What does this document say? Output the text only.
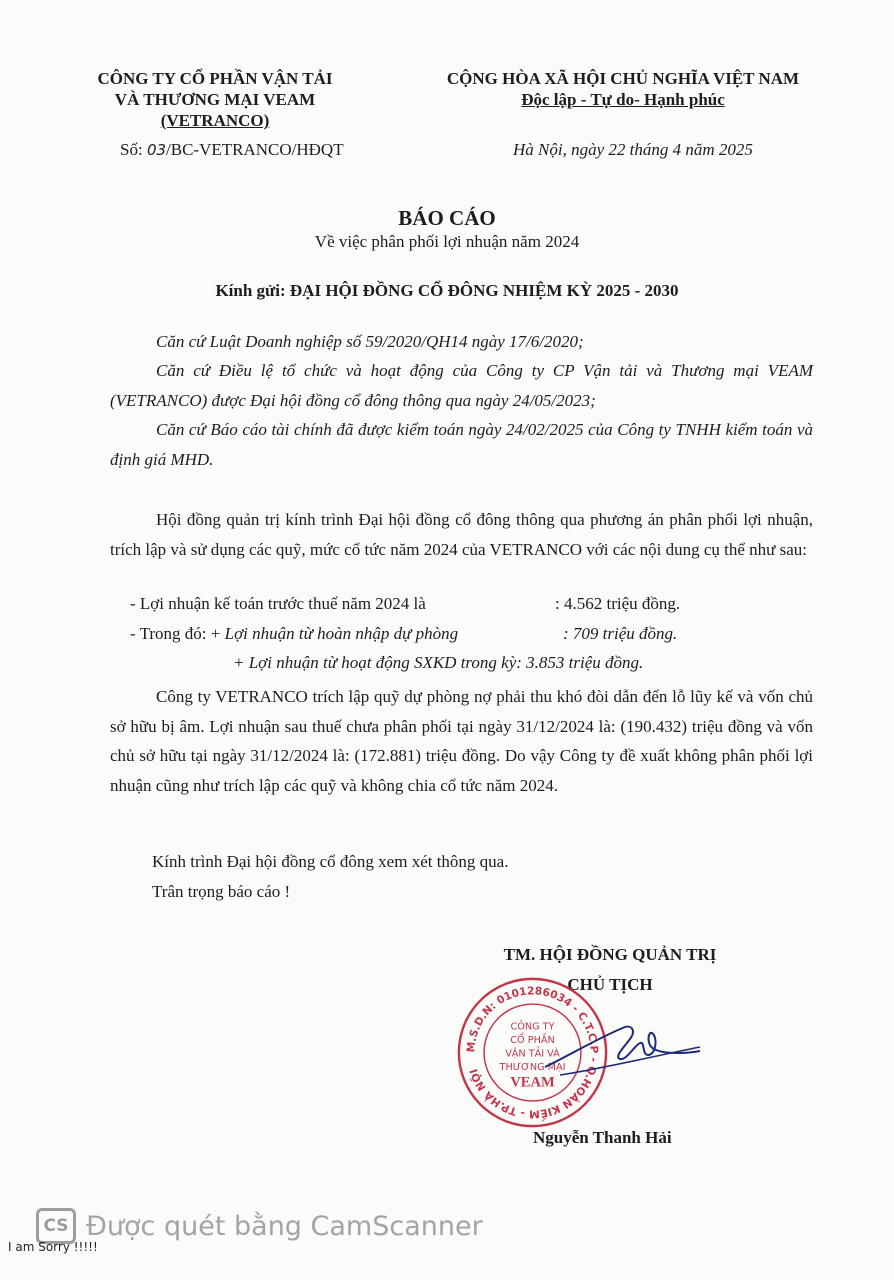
CÔNG TY CỔ PHẦN VẬN TẢI
VÀ THƯƠNG MẠI VEAM
(VETRANCO)
CỘNG HÒA XÃ HỘI CHỦ NGHĨA VIỆT NAM
Độc lập - Tự do- Hạnh phúc
Số: 03/BC-VETRANCO/HĐQT	Hà Nội, ngày 22 tháng 4 năm 2025
BÁO CÁO
Về việc phân phối lợi nhuận năm 2024
Kính gửi: ĐẠI HỘI ĐỒNG CỔ ĐÔNG NHIỆM KỲ 2025 - 2030
Căn cứ Luật Doanh nghiệp số 59/2020/QH14 ngày 17/6/2020;
Căn cứ Điều lệ tổ chức và hoạt động của Công ty CP Vận tải và Thương mại VEAM (VETRANCO) được Đại hội đồng cổ đông thông qua ngày 24/05/2023;
Căn cứ Báo cáo tài chính đã được kiểm toán ngày 24/02/2025 của Công ty TNHH kiểm toán và định giá MHD.
Hội đồng quản trị kính trình Đại hội đồng cổ đông thông qua phương án phân phối lợi nhuận, trích lập và sử dụng các quỹ, mức cổ tức năm 2024 của VETRANCO với các nội dung cụ thể như sau:
- Lợi nhuận kế toán trước thuế năm 2024 là	: 4.562 triệu đồng.
- Trong đó: + Lợi nhuận từ hoàn nhập dự phòng	: 709 triệu đồng.
+ Lợi nhuận từ hoạt động SXKD trong kỳ: 3.853 triệu đồng.
Công ty VETRANCO trích lập quỹ dự phòng nợ phải thu khó đòi dẫn đến lỗ lũy kế và vốn chủ sở hữu bị âm. Lợi nhuận sau thuế chưa phân phối tại ngày 31/12/2024 là: (190.432) triệu đồng và vốn chủ sở hữu tại ngày 31/12/2024 là: (172.881) triệu đồng. Do vậy Công ty đề xuất không phân phối lợi nhuận cũng như trích lập các quỹ và không chia cổ tức năm 2024.
Kính trình Đại hội đồng cổ đông xem xét thông qua.
Trân trọng báo cáo !
TM. HỘI ĐỒNG QUẢN TRỊ
CHỦ TỊCH
M.S.D.N: 0101286034 - C.T.C.P - Q.HOÀN KIẾM - TP.HÀ NỘI
CÔNG TY
CỔ PHẦN
VẬN TẢI VÀ
THƯƠNG MẠI
VEAM
Nguyễn Thanh Hải
CS Được quét bằng CamScanner
I am Sorry !!!!!
